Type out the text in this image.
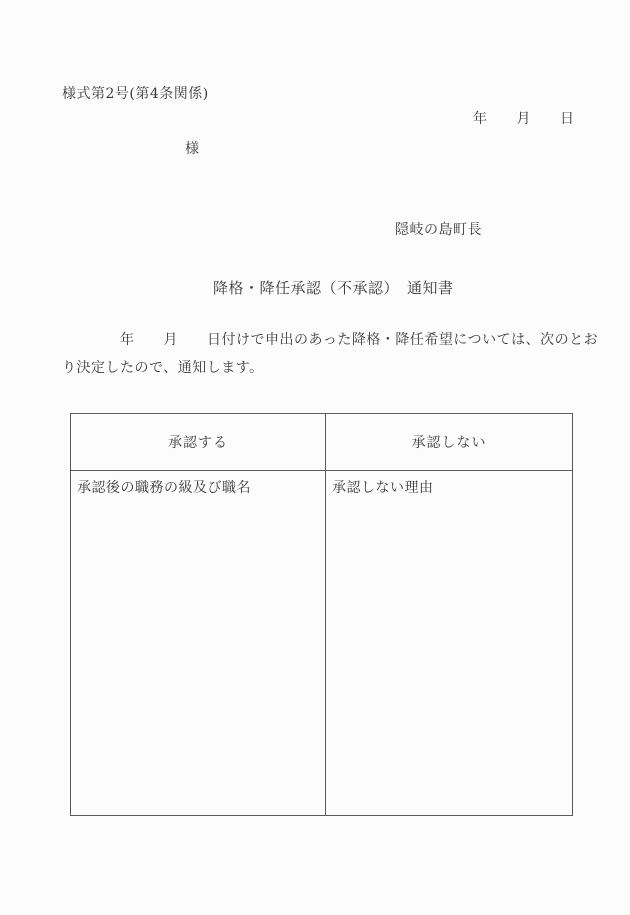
様式第2号(第4条関係)
年　　月　　日
様
隠岐の島町長
降格・降任承認（不承認）　通知書
　　　　年　　月　　日付けで申出のあった降格・降任希望については、次のとお
り決定したので、通知します。
承認する	承認しない
承認後の職務の級及び職名	承認しない理由
